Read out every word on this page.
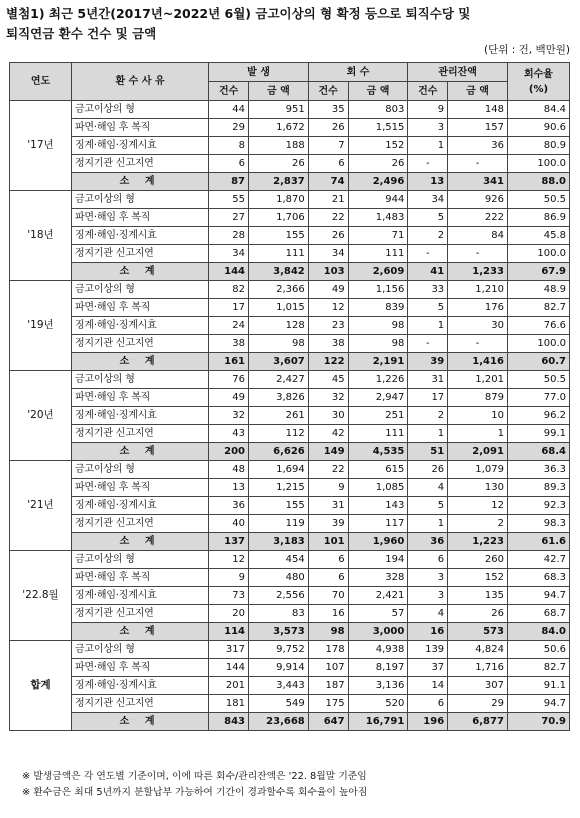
별첨1) 최근 5년간(2017년~2022년 6월) 금고이상의 형 확정 등으로 퇴직수당 및
퇴직연금 환수 건수 및 금액
(단위 : 건, 백만원)
연도	환 수 사 유	발 생		회 수		관리잔액		회수율
(%)
		건수	금 액	건수	금 액	건수	금 액	
'17년	금고이상의 형	44	951	35	803	9	148	84.4
	파면·해임 후 복직	29	1,672	26	1,515	3	157	90.6
	징계·해임·징계시효	8	188	7	152	1	36	80.9
	정지기관 신고지연	6	26	6	26	-	-	100.0
	소 계	87	2,837	74	2,496	13	341	88.0
'18년	금고이상의 형	55	1,870	21	944	34	926	50.5
	파면·해임 후 복직	27	1,706	22	1,483	5	222	86.9
	징계·해임·징계시효	28	155	26	71	2	84	45.8
	정지기관 신고지연	34	111	34	111	-	-	100.0
	소 계	144	3,842	103	2,609	41	1,233	67.9
'19년	금고이상의 형	82	2,366	49	1,156	33	1,210	48.9
	파면·해임 후 복직	17	1,015	12	839	5	176	82.7
	징계·해임·징계시효	24	128	23	98	1	30	76.6
	정지기관 신고지연	38	98	38	98	-	-	100.0
	소 계	161	3,607	122	2,191	39	1,416	60.7
'20년	금고이상의 형	76	2,427	45	1,226	31	1,201	50.5
	파면·해임 후 복직	49	3,826	32	2,947	17	879	77.0
	징계·해임·징계시효	32	261	30	251	2	10	96.2
	정지기관 신고지연	43	112	42	111	1	1	99.1
	소 계	200	6,626	149	4,535	51	2,091	68.4
'21년	금고이상의 형	48	1,694	22	615	26	1,079	36.3
	파면·해임 후 복직	13	1,215	9	1,085	4	130	89.3
	징계·해임·징계시효	36	155	31	143	5	12	92.3
	정지기관 신고지연	40	119	39	117	1	2	98.3
	소 계	137	3,183	101	1,960	36	1,223	61.6
'22.8월	금고이상의 형	12	454	6	194	6	260	42.7
	파면·해임 후 복직	9	480	6	328	3	152	68.3
	징계·해임·징계시효	73	2,556	70	2,421	3	135	94.7
	정지기관 신고지연	20	83	16	57	4	26	68.7
	소 계	114	3,573	98	3,000	16	573	84.0
합계	금고이상의 형	317	9,752	178	4,938	139	4,824	50.6
	파면·해임 후 복직	144	9,914	107	8,197	37	1,716	82.7
	징계·해임·징계시효	201	3,443	187	3,136	14	307	91.1
	정지기관 신고지연	181	549	175	520	6	29	94.7
	소 계	843	23,668	647	16,791	196	6,877	70.9
※ 발생금액은 각 연도별 기준이며, 이에 따른 회수/관리잔액은 '22. 8월말 기준임
※ 환수금은 최대 5년까지 분할납부 가능하여 기간이 경과할수록 회수율이 높아짐
